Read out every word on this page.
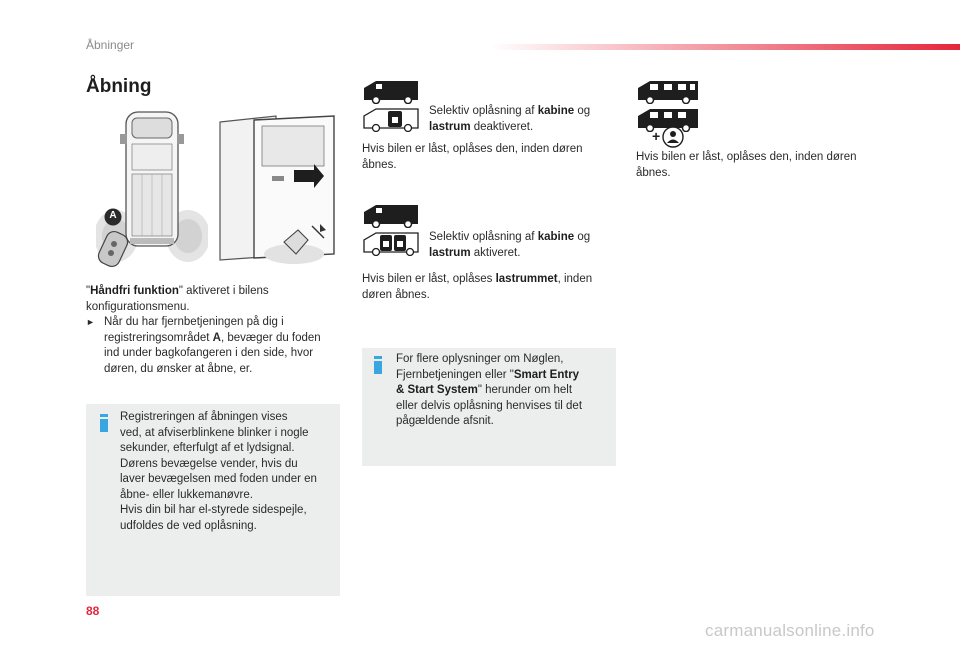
Åbninger
Åbning
A
"Håndfri funktion" aktiveret i bilens konfigurationsmenu.
► Når du har fjernbetjeningen på dig i
registreringsområdet A, bevæger du foden
ind under bagkofangeren i den side, hvor
døren, du ønsker at åbne, er.
Registreringen af åbningen vises
ved, at afviserblinkene blinker i nogle
sekunder, efterfulgt af et lydsignal.
Dørens bevægelse vender, hvis du
laver bevægelsen med foden under en
åbne- eller lukkemanøvre.
Hvis din bil har el-styrede sidespejle,
udfoldes de ved oplåsning.
Selektiv oplåsning af kabine og
lastrum deaktiveret.
Hvis bilen er låst, oplåses den, inden døren
åbnes.
Selektiv oplåsning af kabine og
lastrum aktiveret.
Hvis bilen er låst, oplåses lastrummet, inden
døren åbnes.
For flere oplysninger om Nøglen,
Fjernbetjeningen eller "Smart Entry
& Start System" herunder om helt
eller delvis oplåsning henvises til det
pågældende afsnit.
+
Hvis bilen er låst, oplåses den, inden døren
åbnes.
88
carmanualsonline.info
